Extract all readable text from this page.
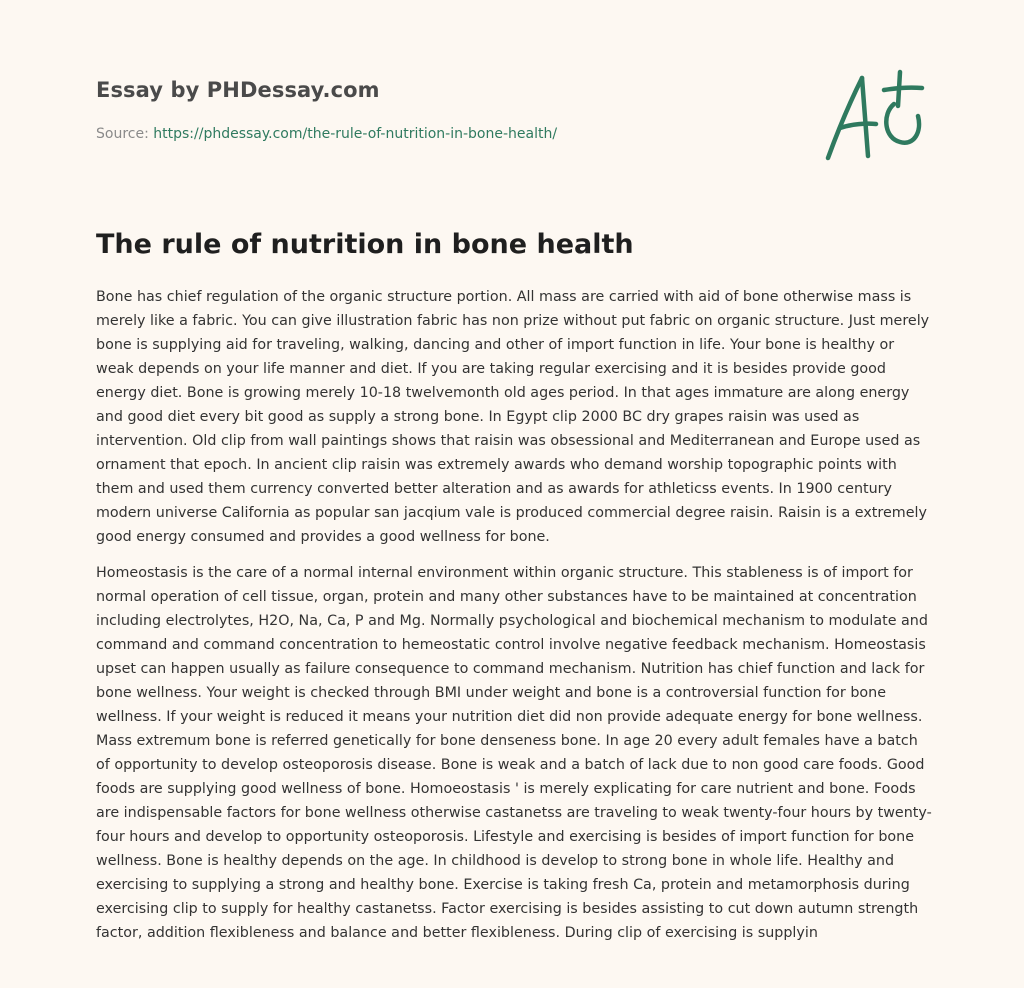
Essay by PHDessay.com
Source: https://phdessay.com/the-rule-of-nutrition-in-bone-health/
The rule of nutrition in bone health

Bone has chief regulation of the organic structure portion. All mass are carried with aid of bone otherwise mass is merely like a fabric. You can give illustration fabric has non prize without put fabric on organic structure. Just merely bone is supplying aid for traveling, walking, dancing and other of import function in life. Your bone is healthy or weak depends on your life manner and diet. If you are taking regular exercising and it is besides provide good energy diet. Bone is growing merely 10-18 twelvemonth old ages period. In that ages immature are along energy and good diet every bit good as supply a strong bone. In Egypt clip 2000 BC dry grapes raisin was used as intervention. Old clip from wall paintings shows that raisin was obsessional and Mediterranean and Europe used as ornament that epoch. In ancient clip raisin was extremely awards who demand worship topographic points with them and used them currency converted better alteration and as awards for athleticss events. In 1900 century modern universe California as popular san jacqium vale is produced commercial degree raisin. Raisin is a extremely good energy consumed and provides a good wellness for bone.

Homeostasis is the care of a normal internal environment within organic structure. This stableness is of import for normal operation of cell tissue, organ, protein and many other substances have to be maintained at concentration including electrolytes, H2O, Na, Ca, P and Mg. Normally psychological and biochemical mechanism to modulate and command and command concentration to hemeostatic control involve negative feedback mechanism. Homeostasis upset can happen usually as failure consequence to command mechanism. Nutrition has chief function and lack for bone wellness. Your weight is checked through BMI under weight and bone is a controversial function for bone wellness. If your weight is reduced it means your nutrition diet did non provide adequate energy for bone wellness. Mass extremum bone is referred genetically for bone denseness bone. In age 20 every adult females have a batch of opportunity to develop osteoporosis disease. Bone is weak and a batch of lack due to non good care foods. Good foods are supplying good wellness of bone. Homoeostasis ' is merely explicating for care nutrient and bone. Foods are indispensable factors for bone wellness otherwise castanetss are traveling to weak twenty-four hours by twenty-four hours and develop to opportunity osteoporosis. Lifestyle and exercising is besides of import function for bone wellness. Bone is healthy depends on the age. In childhood is develop to strong bone in whole life. Healthy and exercising to supplying a strong and healthy bone. Exercise is taking fresh Ca, protein and metamorphosis during exercising clip to supply for healthy castanetss. Factor exercising is besides assisting to cut down autumn strength factor, addition flexibleness and balance and better flexibleness. During clip of exercising is supplyin
